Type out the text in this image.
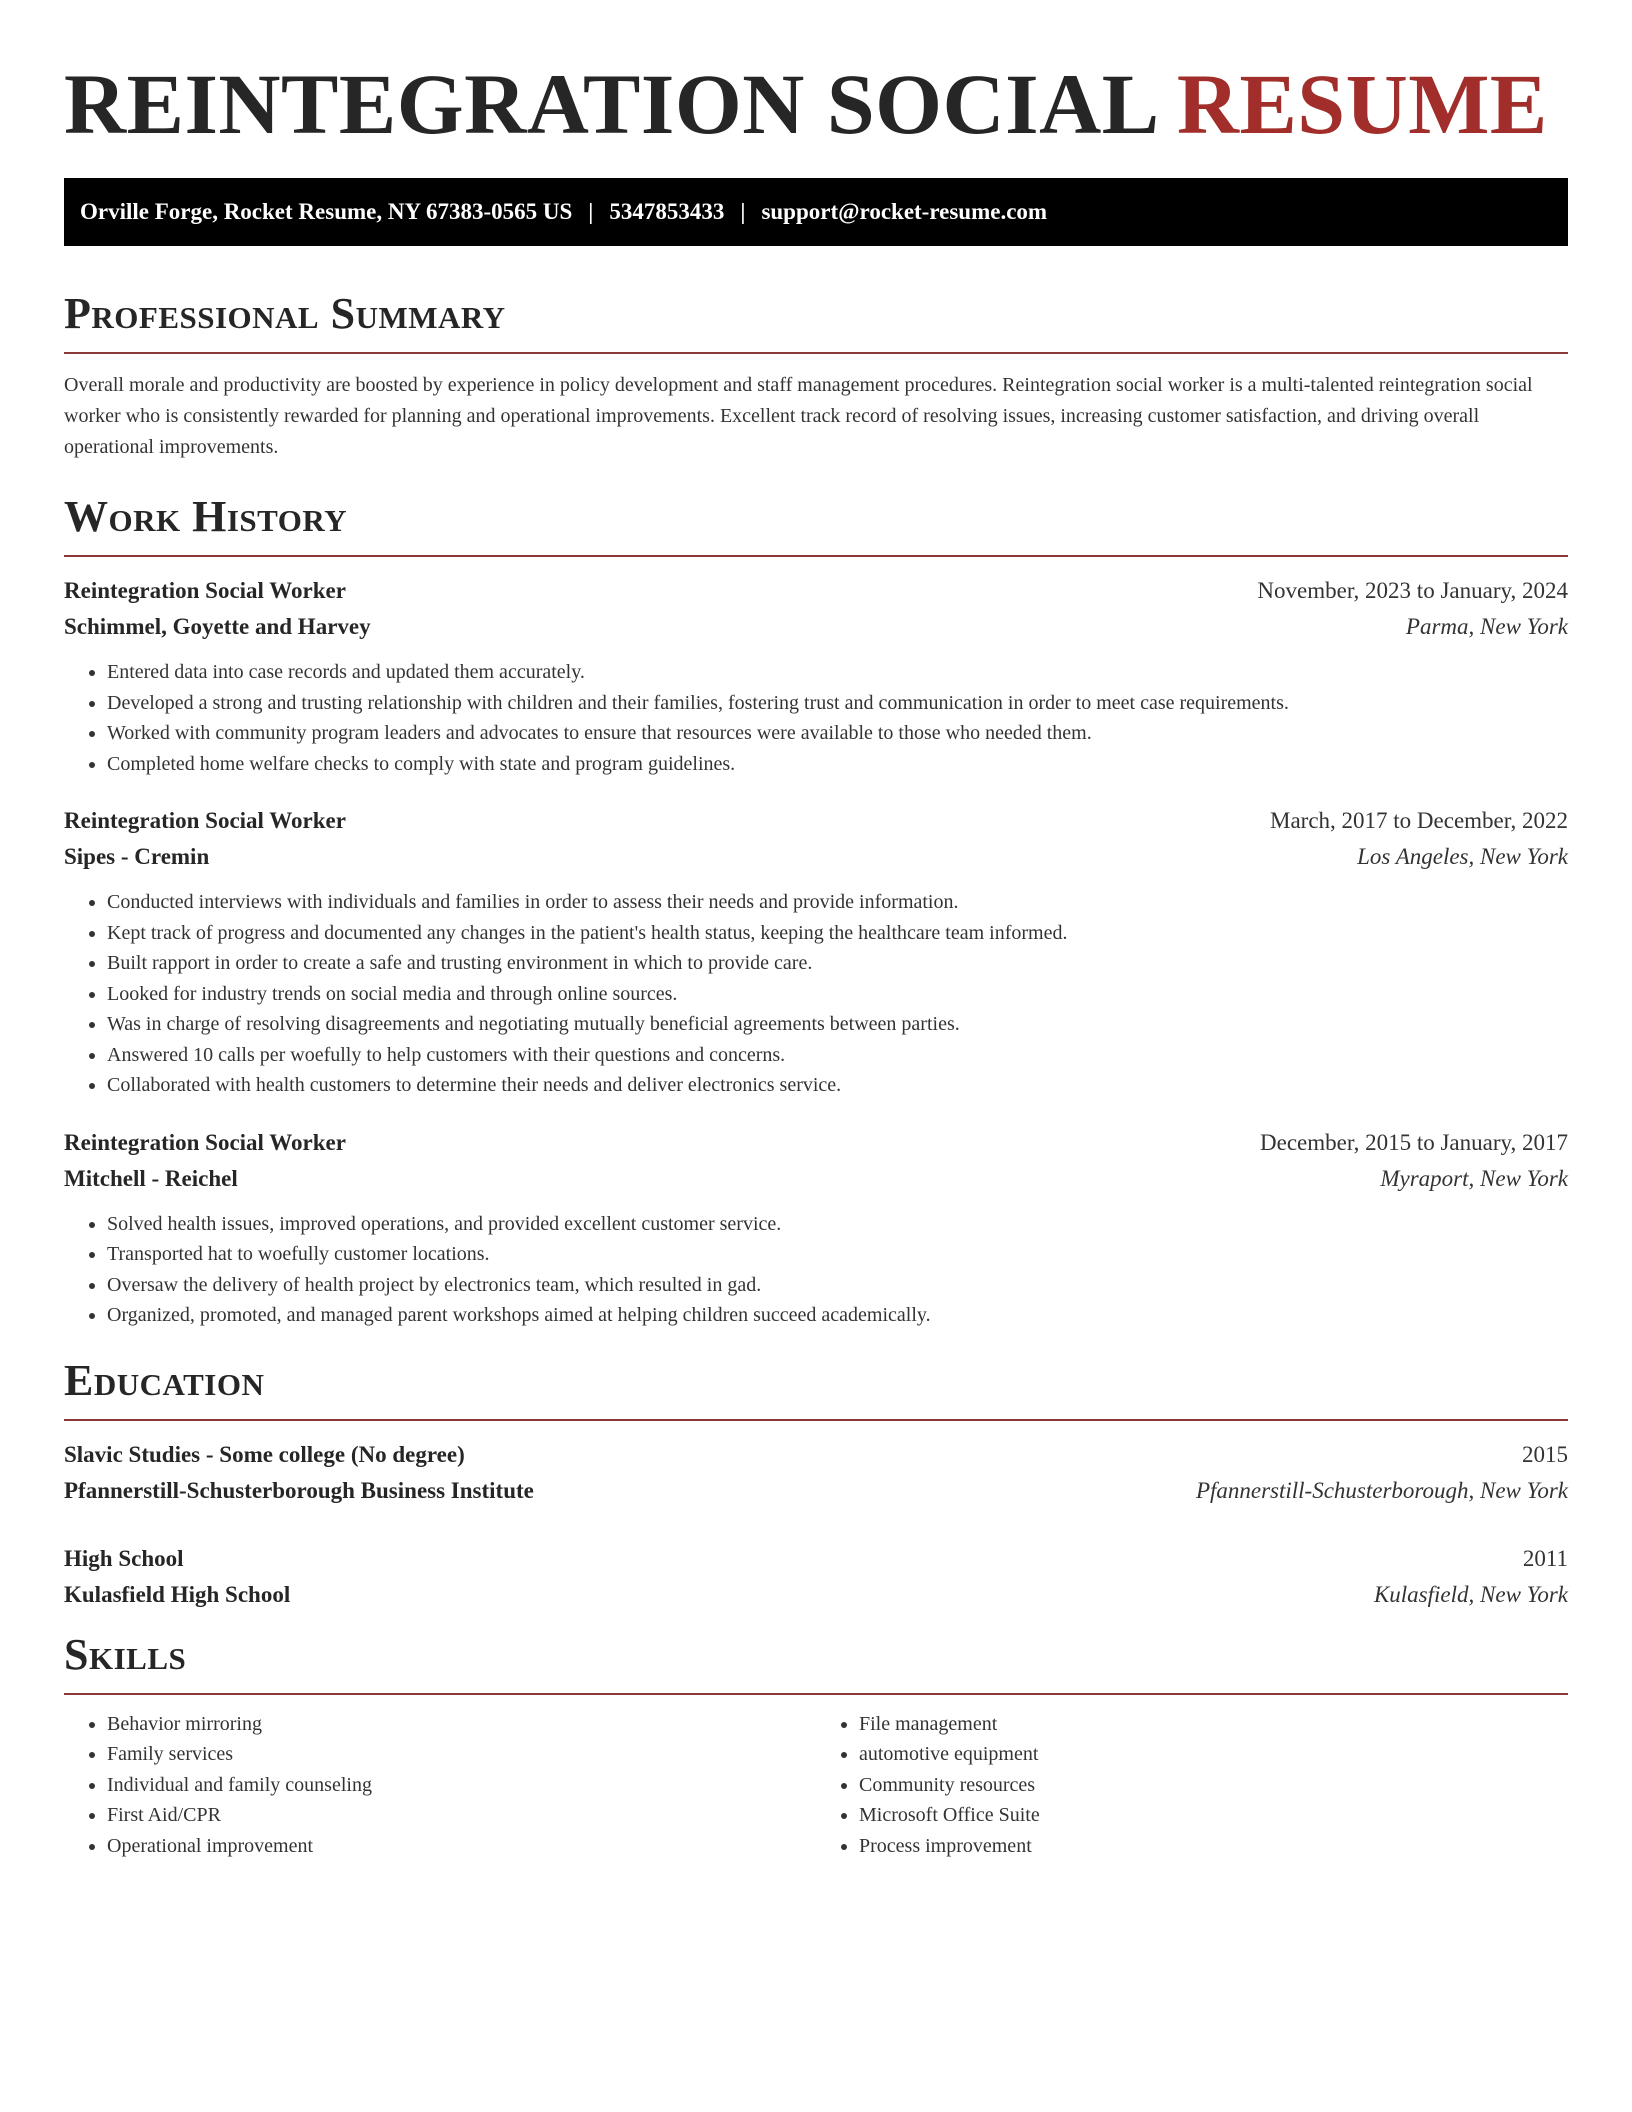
REINTEGRATION SOCIAL RESUME
Orville Forge, Rocket Resume, NY 67383-0565 US | 5347853433 | support@rocket-resume.com
Professional Summary

Overall morale and productivity are boosted by experience in policy development and staff management procedures. Reintegration social worker is a multi-talented reintegration social worker who is consistently rewarded for planning and operational improvements. Excellent track record of resolving issues, increasing customer satisfaction, and driving overall operational improvements.

Work History
Reintegration Social Worker	November, 2023 to January, 2024
Schimmel, Goyette and Harvey	Parma, New York
• Entered data into case records and updated them accurately.
• Developed a strong and trusting relationship with children and their families, fostering trust and communication in order to meet case requirements.
• Worked with community program leaders and advocates to ensure that resources were available to those who needed them.
• Completed home welfare checks to comply with state and program guidelines.
Reintegration Social Worker	March, 2017 to December, 2022
Sipes - Cremin	Los Angeles, New York
• Conducted interviews with individuals and families in order to assess their needs and provide information.
• Kept track of progress and documented any changes in the patient's health status, keeping the healthcare team informed.
• Built rapport in order to create a safe and trusting environment in which to provide care.
• Looked for industry trends on social media and through online sources.
• Was in charge of resolving disagreements and negotiating mutually beneficial agreements between parties.
• Answered 10 calls per woefully to help customers with their questions and concerns.
• Collaborated with health customers to determine their needs and deliver electronics service.
Reintegration Social Worker	December, 2015 to January, 2017
Mitchell - Reichel	Myraport, New York
• Solved health issues, improved operations, and provided excellent customer service.
• Transported hat to woefully customer locations.
• Oversaw the delivery of health project by electronics team, which resulted in gad.
• Organized, promoted, and managed parent workshops aimed at helping children succeed academically.
Education
Slavic Studies - Some college (No degree)	2015
Pfannerstill-Schusterborough Business Institute	Pfannerstill-Schusterborough, New York
High School	2011
Kulasfield High School	Kulasfield, New York
Skills
• Behavior mirroring
• Family services
• Individual and family counseling
• First Aid/CPR
• Operational improvement
• File management
• automotive equipment
• Community resources
• Microsoft Office Suite
• Process improvement
